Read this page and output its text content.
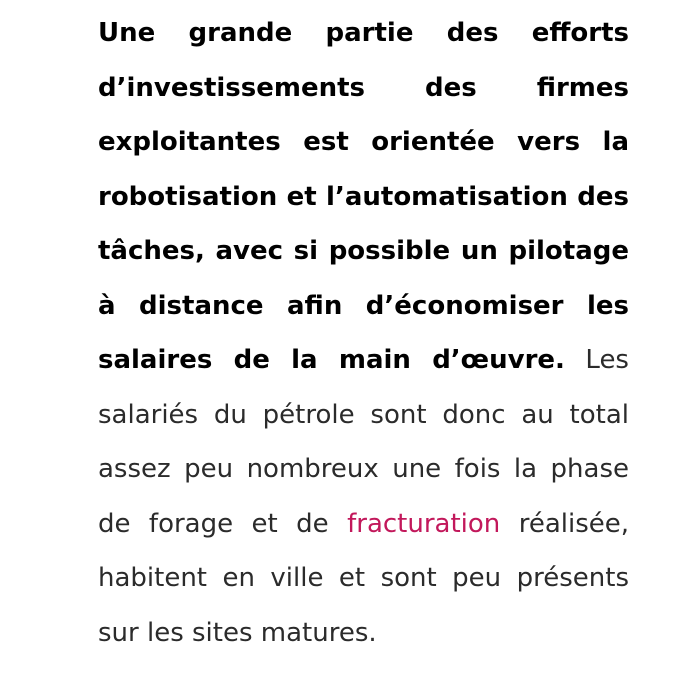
Une grande partie des efforts d’investissements des firmes exploitantes est orientée vers la robotisation et l’automatisation des tâches, avec si possible un pilotage à distance afin d’économiser les salaires de la main d’œuvre. Les salariés du pétrole sont donc au total assez peu nombreux une fois la phase de forage et de fracturation réalisée, habitent en ville et sont peu présents sur les sites matures.
